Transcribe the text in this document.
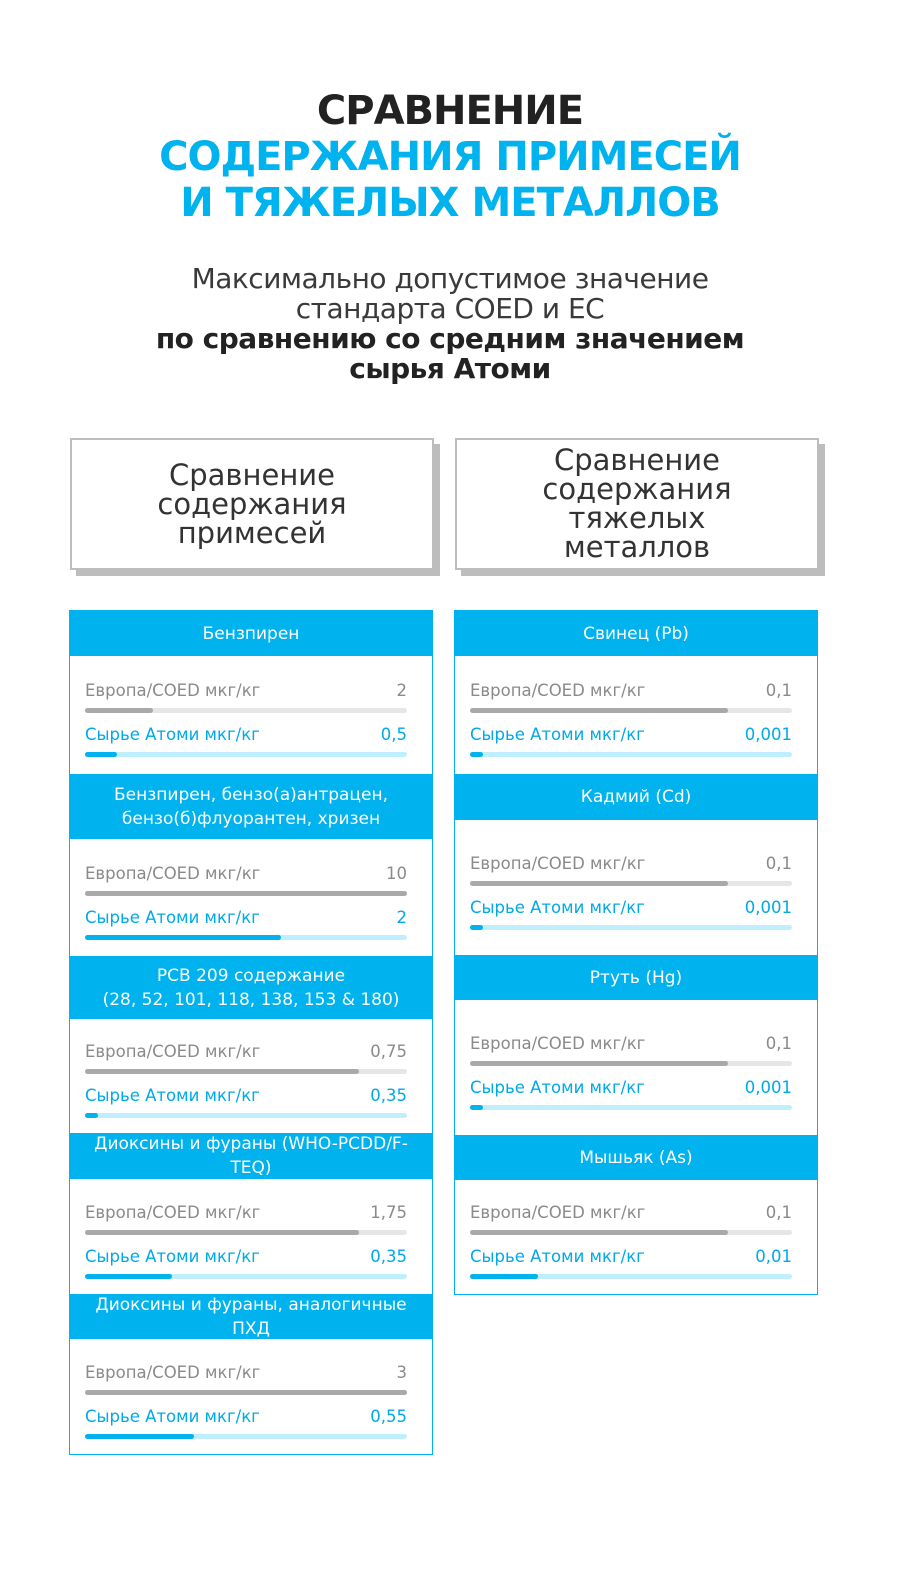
СРАВНЕНИЕ
СОДЕРЖАНИЯ ПРИМЕСЕЙ
И ТЯЖЕЛЫХ МЕТАЛЛОВ
Максимально допустимое значение
стандарта COED и ЕС
по сравнению со средним значением
сырья Атоми
Сравнение
содержания
примесей
Сравнение
содержания тяжелых
металлов
Бензпирен
Европа/COED мкг/кг	2
Сырье Атоми мкг/кг	0,5
Бензпирен, бензо(а)антрацен,
бензо(б)флуорантен, хризен
Европа/COED мкг/кг	10
Сырье Атоми мкг/кг	2
PCB 209 содержание
(28, 52, 101, 118, 138, 153 & 180)
Европа/COED мкг/кг	0,75
Сырье Атоми мкг/кг	0,35
Диоксины и фураны (WHO-PCDD/F-TEQ)
Европа/COED мкг/кг	1,75
Сырье Атоми мкг/кг	0,35
Диоксины и фураны, аналогичные ПХД
Европа/COED мкг/кг	3
Сырье Атоми мкг/кг	0,55
Свинец (Pb)
Европа/COED мкг/кг	0,1
Сырье Атоми мкг/кг	0,001
Кадмий (Cd)
Европа/COED мкг/кг	0,1
Сырье Атоми мкг/кг	0,001
Ртуть (Hg)
Европа/COED мкг/кг	0,1
Сырье Атоми мкг/кг	0,001
Мышьяк (As)
Европа/COED мкг/кг	0,1
Сырье Атоми мкг/кг	0,01
